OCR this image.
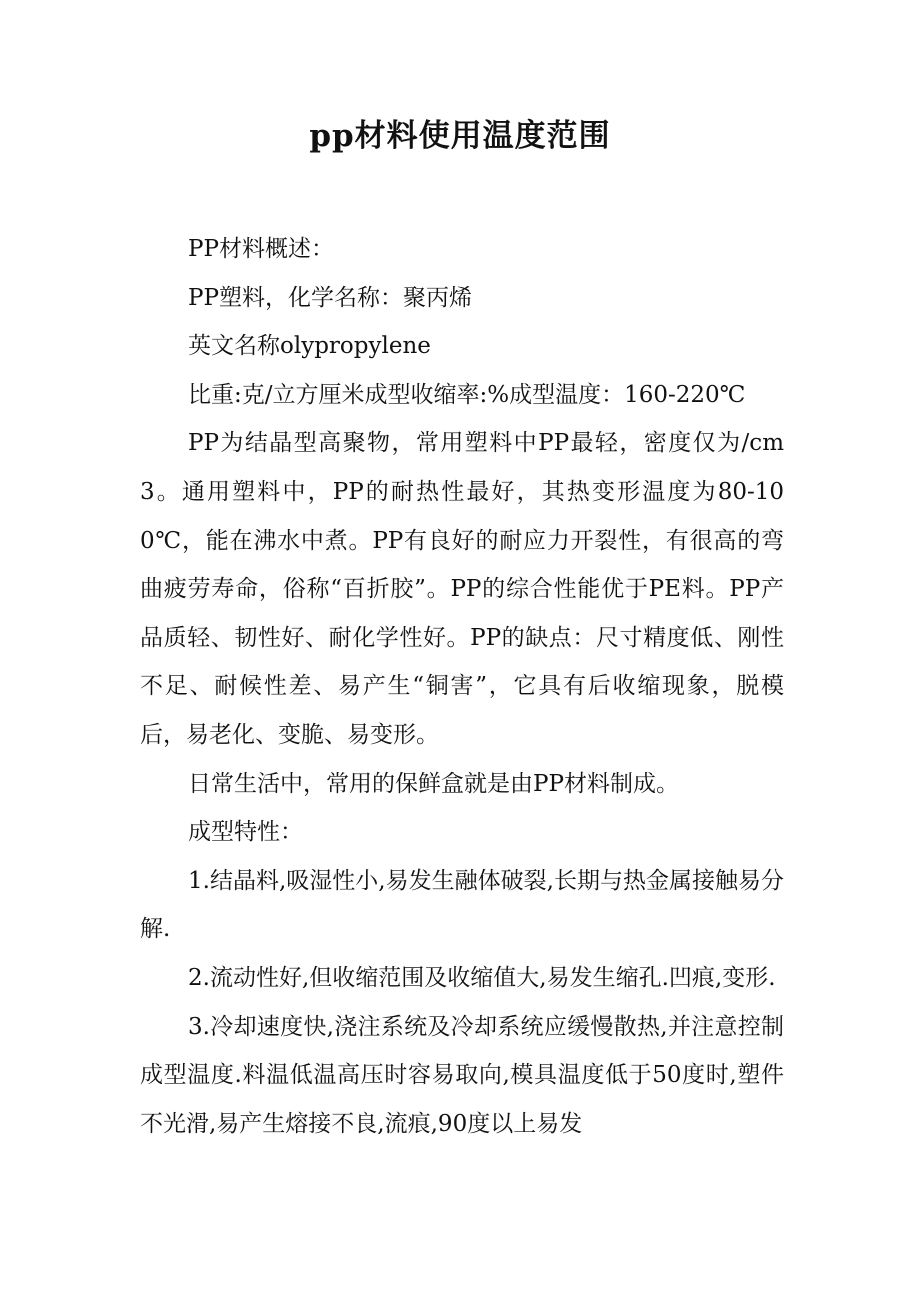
pp材料使用温度范围

PP材料概述：

PP塑料，化学名称：聚丙烯

英文名称olypropylene

比重:克/立方厘米成型收缩率:%成型温度：160-220℃

PP为结晶型高聚物，常用塑料中PP最轻，密度仅为/cm3。通用塑料中，PP的耐热性最好，其热变形温度为80-100℃，能在沸水中煮。PP有良好的耐应力开裂性，有很高的弯曲疲劳寿命，俗称“百折胶”。PP的综合性能优于PE料。PP产品质轻、韧性好、耐化学性好。PP的缺点：尺寸精度低、刚性不足、耐候性差、易产生“铜害”，它具有后收缩现象，脱模后，易老化、变脆、易变形。

日常生活中，常用的保鲜盒就是由PP材料制成。

成型特性：

1.结晶料,吸湿性小,易发生融体破裂,长期与热金属接触易分解.

2.流动性好,但收缩范围及收缩值大,易发生缩孔.凹痕,变形.

3.冷却速度快,浇注系统及冷却系统应缓慢散热,并注意控制成型温度.料温低温高压时容易取向,模具温度低于50度时,塑件不光滑,易产生熔接不良,流痕,90度以上易发
